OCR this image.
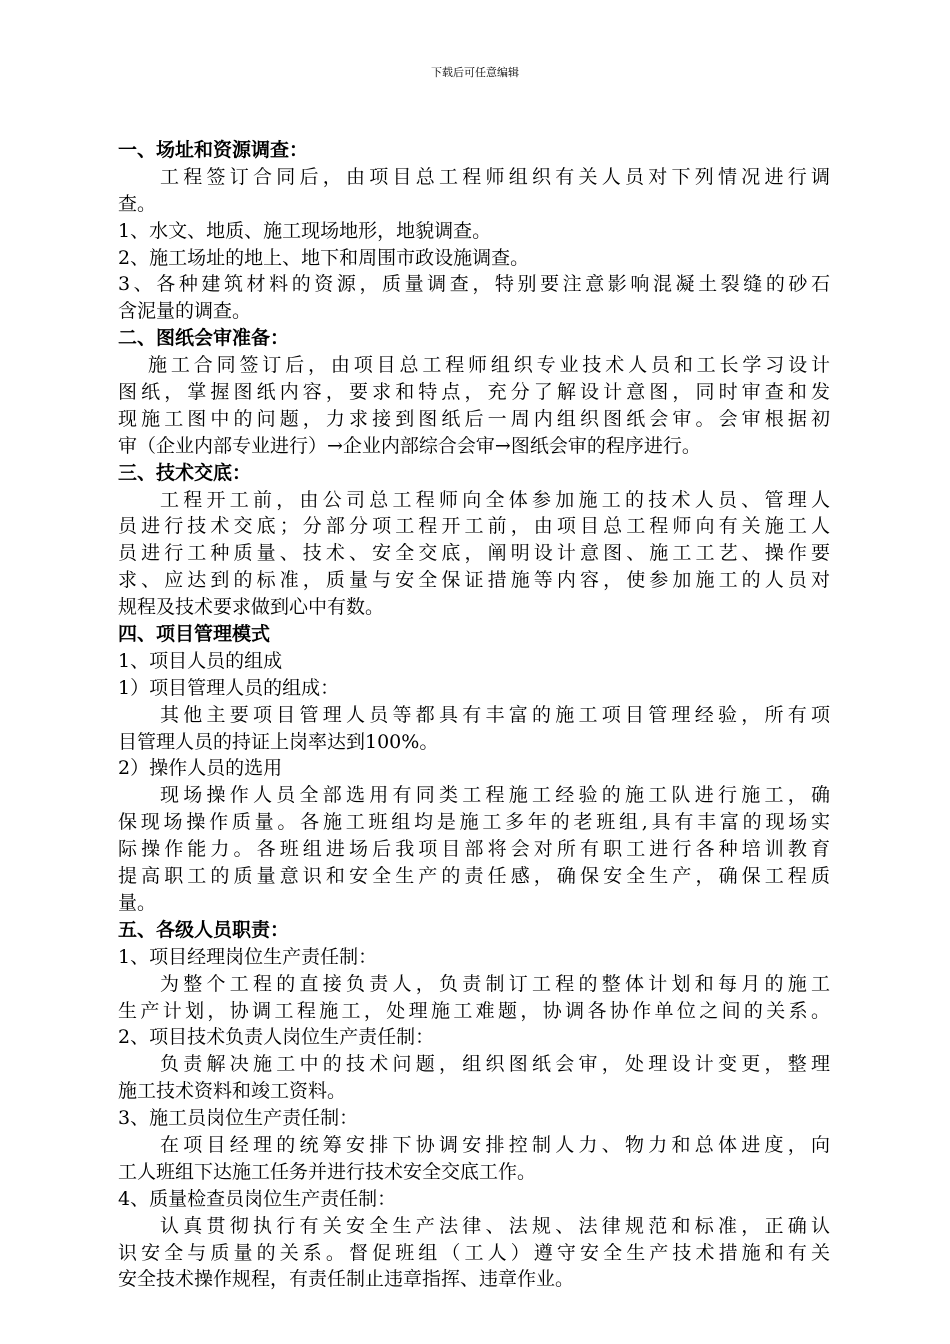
下载后可任意编辑
一、场址和资源调查：
工程签订合同后，由项目总工程师组织有关人员对下列情况进行调
查。
1、水文、地质、施工现场地形，地貌调查。
2、施工场址的地上、地下和周围市政设施调查。
3、各种建筑材料的资源，质量调查，特别要注意影响混凝土裂缝的砂石
含泥量的调查。
二、图纸会审准备：
施工合同签订后，由项目总工程师组织专业技术人员和工长学习设计
图纸，掌握图纸内容，要求和特点，充分了解设计意图，同时审查和发
现施工图中的问题，力求接到图纸后一周内组织图纸会审。会审根据初
审（企业内部专业进行）→企业内部综合会审→图纸会审的程序进行。
三、技术交底：
工程开工前，由公司总工程师向全体参加施工的技术人员、管理人
员进行技术交底；分部分项工程开工前，由项目总工程师向有关施工人
员进行工种质量、技术、安全交底，阐明设计意图、施工工艺、操作要
求、应达到的标准，质量与安全保证措施等内容，使参加施工的人员对
规程及技术要求做到心中有数。
四、项目管理模式
1、项目人员的组成
1）项目管理人员的组成：
其他主要项目管理人员等都具有丰富的施工项目管理经验，所有项
目管理人员的持证上岗率达到100%。
2）操作人员的选用
现场操作人员全部选用有同类工程施工经验的施工队进行施工，确
保现场操作质量。各施工班组均是施工多年的老班组,具有丰富的现场实
际操作能力。各班组进场后我项目部将会对所有职工进行各种培训教育
提高职工的质量意识和安全生产的责任感，确保安全生产，确保工程质
量。
五、各级人员职责：
1、项目经理岗位生产责任制：
为整个工程的直接负责人，负责制订工程的整体计划和每月的施工
生产计划，协调工程施工，处理施工难题，协调各协作单位之间的关系。
2、项目技术负责人岗位生产责任制：
负责解决施工中的技术问题，组织图纸会审，处理设计变更，整理
施工技术资料和竣工资料。
3、施工员岗位生产责任制：
在项目经理的统筹安排下协调安排控制人力、物力和总体进度，向
工人班组下达施工任务并进行技术安全交底工作。
4、质量检查员岗位生产责任制：
认真贯彻执行有关安全生产法律、法规、法律规范和标准，正确认
识安全与质量的关系。督促班组（工人）遵守安全生产技术措施和有关
安全技术操作规程，有责任制止违章指挥、违章作业。
